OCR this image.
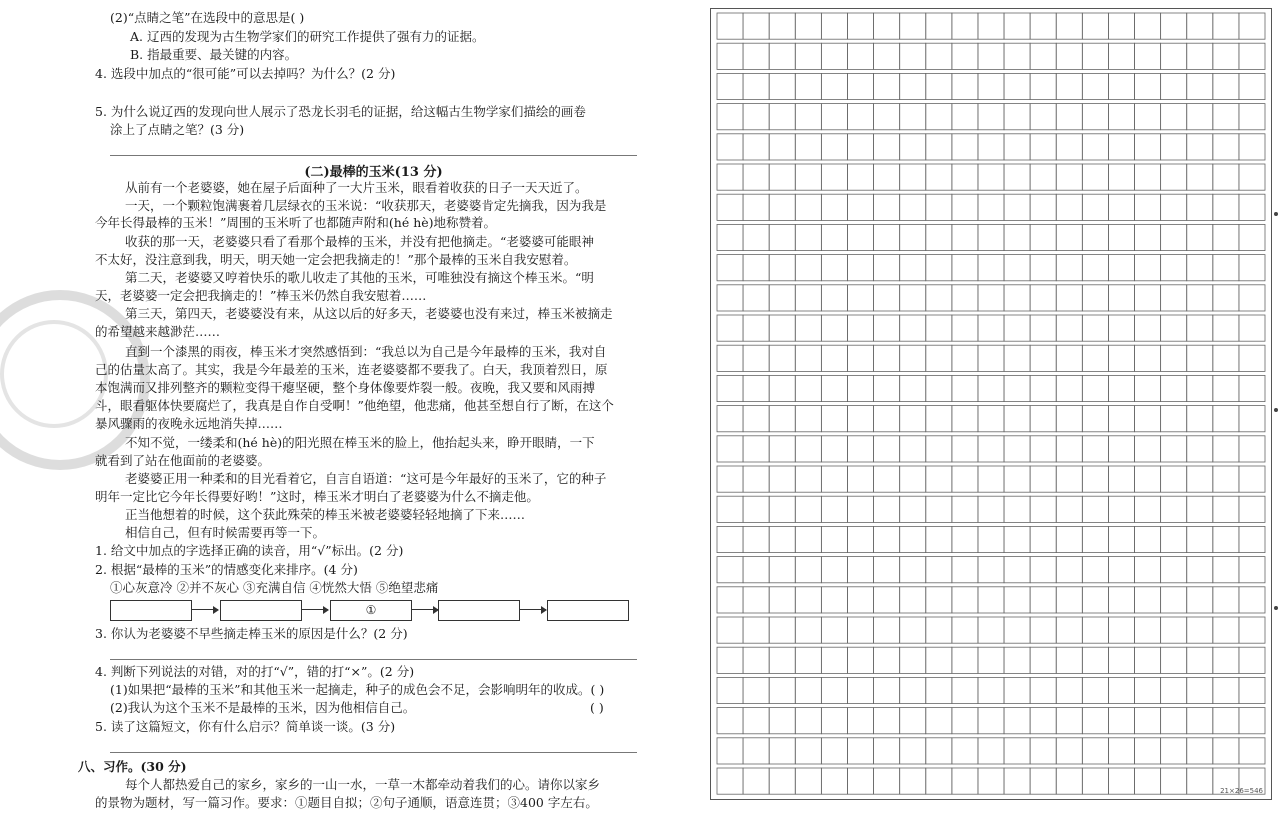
(2)“点睛之笔”在选段中的意思是( )
A. 辽西的发现为古生物学家们的研究工作提供了强有力的证据。
B. 指最重要、最关键的内容。
4. 选段中加点的“很可能”可以去掉吗？为什么？(2 分)
5. 为什么说辽西的发现向世人展示了恐龙长羽毛的证据，给这幅古生物学家们描绘的画卷
涂上了点睛之笔？(3 分)
(二)最棒的玉米(13 分)
从前有一个老婆婆，她在屋子后面种了一大片玉米，眼看着收获的日子一天天近了。
一天，一个颗粒饱满裹着几层绿衣的玉米说：“收获那天，老婆婆肯定先摘我，因为我是
今年长得最棒的玉米！”周围的玉米听了也都随声附和(hé hè)地称赞着。
收获的那一天，老婆婆只看了看那个最棒的玉米，并没有把他摘走。“老婆婆可能眼神
不太好，没注意到我，明天，明天她一定会把我摘走的！”那个最棒的玉米自我安慰着。
第二天，老婆婆又哼着快乐的歌儿收走了其他的玉米，可唯独没有摘这个棒玉米。“明
天，老婆婆一定会把我摘走的！”棒玉米仍然自我安慰着……
第三天，第四天，老婆婆没有来，从这以后的好多天，老婆婆也没有来过，棒玉米被摘走
的希望越来越渺茫……
直到一个漆黑的雨夜，棒玉米才突然感悟到：“我总以为自己是今年最棒的玉米，我对自
己的估量太高了。其实，我是今年最差的玉米，连老婆婆都不要我了。白天，我顶着烈日，原
本饱满而又排列整齐的颗粒变得干瘪坚硬，整个身体像要炸裂一般。夜晚，我又要和风雨搏
斗，眼看躯体快要腐烂了，我真是自作自受啊！”他绝望，他悲痛，他甚至想自行了断，在这个
暴风骤雨的夜晚永远地消失掉……
不知不觉，一缕柔和(hé hè)的阳光照在棒玉米的脸上，他抬起头来，睁开眼睛，一下
就看到了站在他面前的老婆婆。
老婆婆正用一种柔和的目光看着它，自言自语道：“这可是今年最好的玉米了，它的种子
明年一定比它今年长得要好哟！”这时，棒玉米才明白了老婆婆为什么不摘走他。
正当他想着的时候，这个获此殊荣的棒玉米被老婆婆轻轻地摘了下来……
相信自己，但有时候需要再等一下。
1. 给文中加点的字选择正确的读音，用“√”标出。(2 分)
2. 根据“最棒的玉米”的情感变化来排序。(4 分)
①心灰意冷 ②并不灰心 ③充满自信 ④恍然大悟 ⑤绝望悲痛
①
3. 你认为老婆婆不早些摘走棒玉米的原因是什么？(2 分)
4. 判断下列说法的对错，对的打“√”，错的打“×”。(2 分)
(1)如果把“最棒的玉米”和其他玉米一起摘走，种子的成色会不足，会影响明年的收成。( )
(2)我认为这个玉米不是最棒的玉米，因为他相信自己。	( )
5. 读了这篇短文，你有什么启示？简单谈一谈。(3 分)
八、习作。(30 分)
每个人都热爱自己的家乡，家乡的一山一水，一草一木都牵动着我们的心。请你以家乡
的景物为题材，写一篇习作。要求：①题目自拟；②句子通顺，语意连贯；③400 字左右。
21×26=546
